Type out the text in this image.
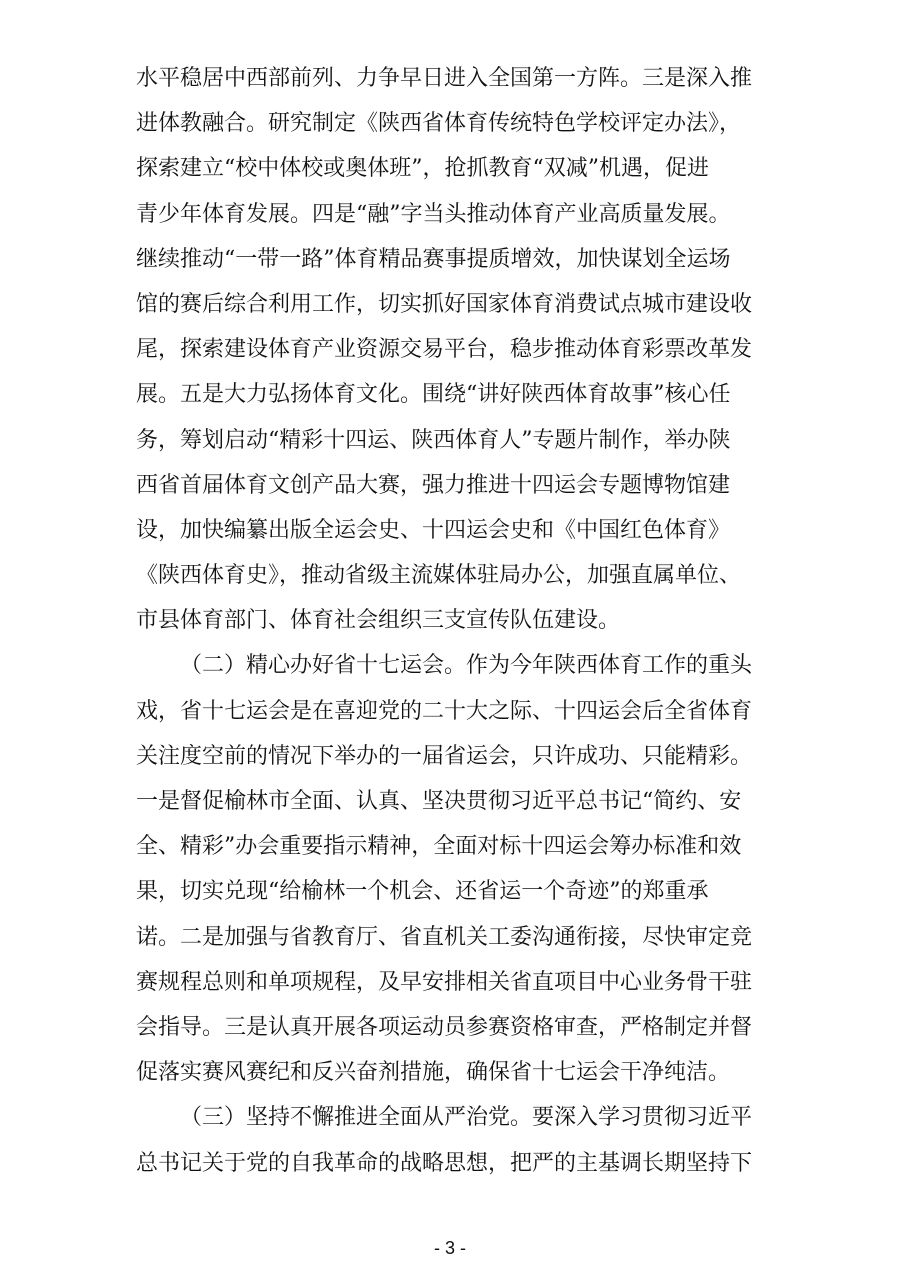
水平稳居中西部前列、力争早日进入全国第一方阵。三是深入推
进体教融合。研究制定《陕西省体育传统特色学校评定办法》，
探索建立“校中体校或奥体班”，抢抓教育“双减”机遇，促进
青少年体育发展。四是“融”字当头推动体育产业高质量发展。
继续推动“一带一路”体育精品赛事提质增效，加快谋划全运场
馆的赛后综合利用工作，切实抓好国家体育消费试点城市建设收
尾，探索建设体育产业资源交易平台，稳步推动体育彩票改革发
展。五是大力弘扬体育文化。围绕“讲好陕西体育故事”核心任
务，筹划启动“精彩十四运、陕西体育人”专题片制作，举办陕
西省首届体育文创产品大赛，强力推进十四运会专题博物馆建
设，加快编纂出版全运会史、十四运会史和《中国红色体育》
《陕西体育史》，推动省级主流媒体驻局办公，加强直属单位、
市县体育部门、体育社会组织三支宣传队伍建设。
（二）精心办好省十七运会。作为今年陕西体育工作的重头
戏，省十七运会是在喜迎党的二十大之际、十四运会后全省体育
关注度空前的情况下举办的一届省运会，只许成功、只能精彩。
一是督促榆林市全面、认真、坚决贯彻习近平总书记“简约、安
全、精彩”办会重要指示精神，全面对标十四运会筹办标准和效
果，切实兑现“给榆林一个机会、还省运一个奇迹”的郑重承
诺。二是加强与省教育厅、省直机关工委沟通衔接，尽快审定竞
赛规程总则和单项规程，及早安排相关省直项目中心业务骨干驻
会指导。三是认真开展各项运动员参赛资格审查，严格制定并督
促落实赛风赛纪和反兴奋剂措施，确保省十七运会干净纯洁。
（三）坚持不懈推进全面从严治党。要深入学习贯彻习近平
总书记关于党的自我革命的战略思想，把严的主基调长期坚持下
- 3 -
